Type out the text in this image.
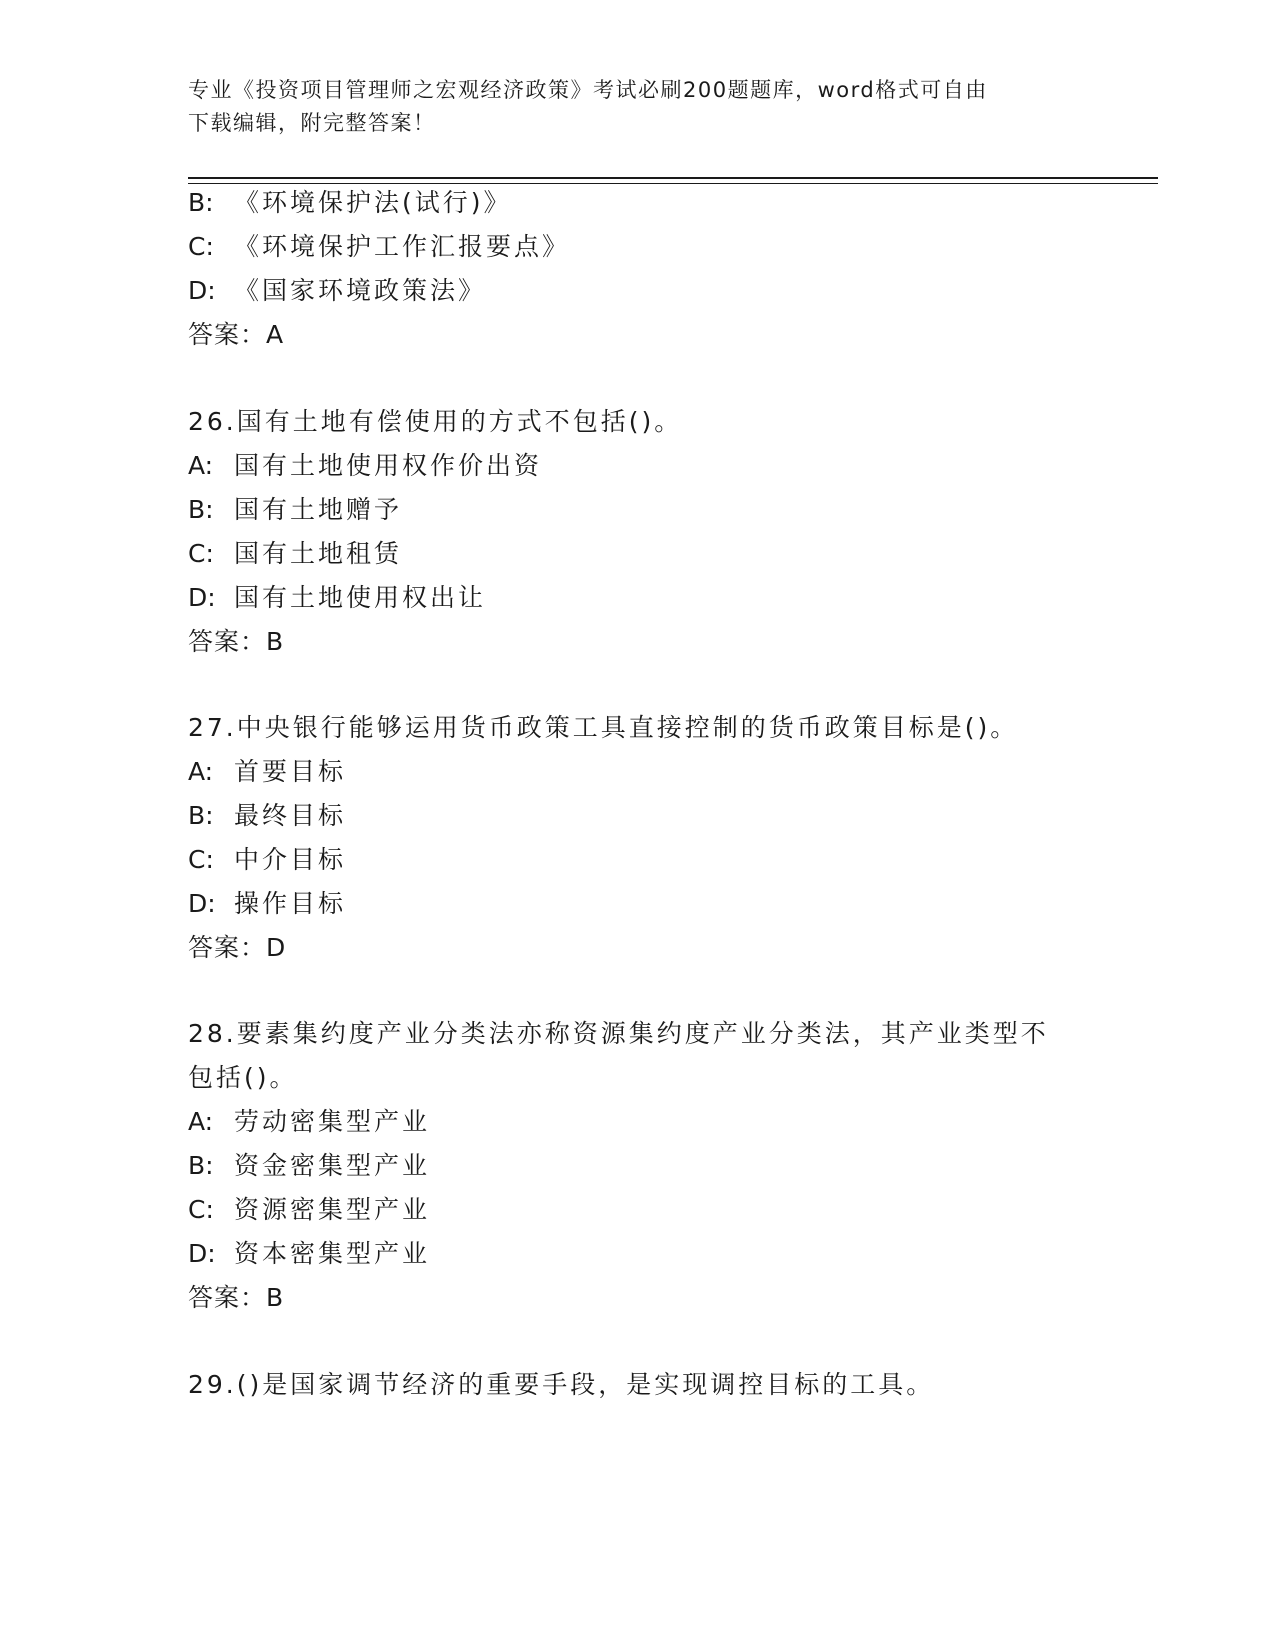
专业《投资项目管理师之宏观经济政策》考试必刷200题题库，word格式可自由
下载编辑，附完整答案！
B: 《环境保护法(试行)》
C: 《环境保护工作汇报要点》
D: 《国家环境政策法》
答案：A
26.国有土地有偿使用的方式不包括()。
A: 国有土地使用权作价出资
B: 国有土地赠予
C: 国有土地租赁
D: 国有土地使用权出让
答案：B
27.中央银行能够运用货币政策工具直接控制的货币政策目标是()。
A: 首要目标
B: 最终目标
C: 中介目标
D: 操作目标
答案：D
28.要素集约度产业分类法亦称资源集约度产业分类法，其产业类型不
包括()。
A: 劳动密集型产业
B: 资金密集型产业
C: 资源密集型产业
D: 资本密集型产业
答案：B
29.()是国家调节经济的重要手段，是实现调控目标的工具。
